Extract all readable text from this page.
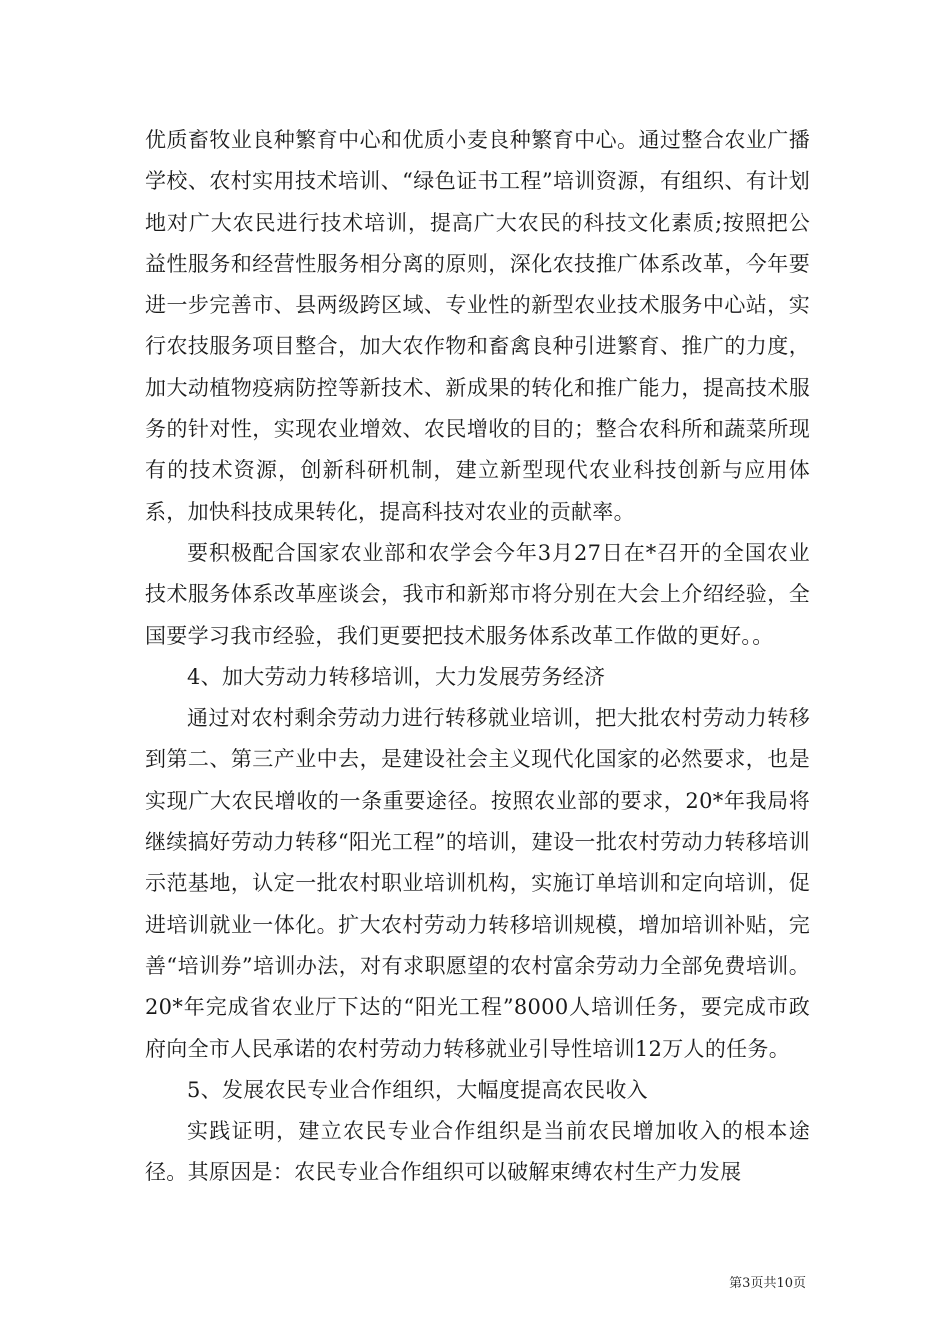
优质畜牧业良种繁育中心和优质小麦良种繁育中心。通过整合农业广播学校、农村实用技术培训、“绿色证书工程”培训资源，有组织、有计划地对广大农民进行技术培训，提高广大农民的科技文化素质;按照把公益性服务和经营性服务相分离的原则，深化农技推广体系改革，今年要进一步完善市、县两级跨区域、专业性的新型农业技术服务中心站，实行农技服务项目整合，加大农作物和畜禽良种引进繁育、推广的力度，加大动植物疫病防控等新技术、新成果的转化和推广能力，提高技术服务的针对性，实现农业增效、农民增收的目的；整合农科所和蔬菜所现有的技术资源，创新科研机制，建立新型现代农业科技创新与应用体系，加快科技成果转化，提高科技对农业的贡献率。

要积极配合国家农业部和农学会今年3月27日在*召开的全国农业技术服务体系改革座谈会，我市和新郑市将分别在大会上介绍经验，全国要学习我市经验，我们更要把技术服务体系改革工作做的更好。。

4、加大劳动力转移培训，大力发展劳务经济

通过对农村剩余劳动力进行转移就业培训，把大批农村劳动力转移到第二、第三产业中去，是建设社会主义现代化国家的必然要求，也是实现广大农民增收的一条重要途径。按照农业部的要求，20*年我局将继续搞好劳动力转移“阳光工程”的培训，建设一批农村劳动力转移培训示范基地，认定一批农村职业培训机构，实施订单培训和定向培训，促进培训就业一体化。扩大农村劳动力转移培训规模，增加培训补贴，完善“培训券”培训办法，对有求职愿望的农村富余劳动力全部免费培训。20*年完成省农业厅下达的“阳光工程”8000人培训任务，要完成市政府向全市人民承诺的农村劳动力转移就业引导性培训12万人的任务。

5、发展农民专业合作组织，大幅度提高农民收入

实践证明，建立农民专业合作组织是当前农民增加收入的根本途径。其原因是：农民专业合作组织可以破解束缚农村生产力发展

第3页共10页
